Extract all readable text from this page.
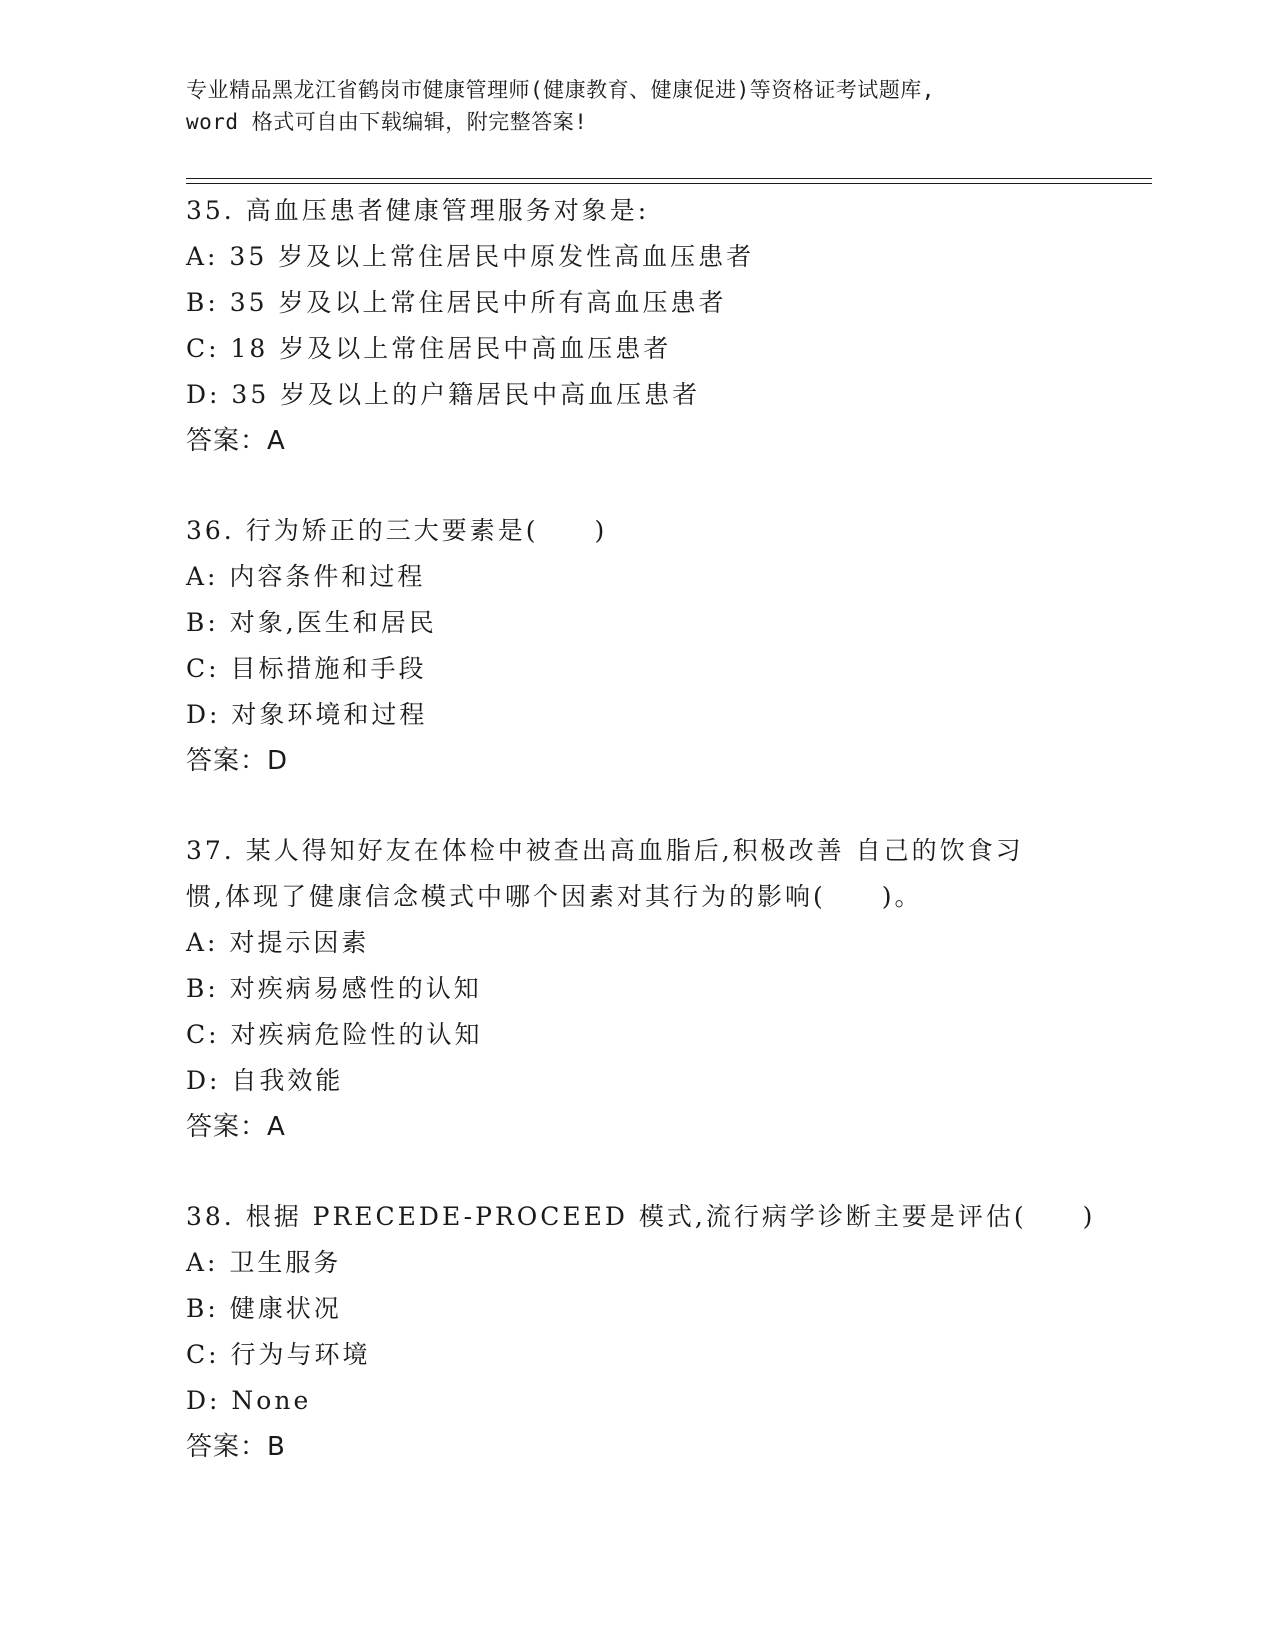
专业精品黑龙江省鹤岗市健康管理师(健康教育、健康促进)等资格证考试题库,
word 格式可自由下载编辑，附完整答案!
35. 高血压患者健康管理服务对象是:
A: 35 岁及以上常住居民中原发性高血压患者
B: 35 岁及以上常住居民中所有高血压患者
C: 18 岁及以上常住居民中高血压患者
D: 35 岁及以上的户籍居民中高血压患者
答案：A
36. 行为矫正的三大要素是(　　)
A: 内容条件和过程
B: 对象,医生和居民
C: 目标措施和手段
D: 对象环境和过程
答案：D
37. 某人得知好友在体检中被查出高血脂后,积极改善 自己的饮食习
惯,体现了健康信念模式中哪个因素对其行为的影响(　　)。
A: 对提示因素
B: 对疾病易感性的认知
C: 对疾病危险性的认知
D: 自我效能
答案：A
38. 根据 PRECEDE-PROCEED 模式,流行病学诊断主要是评估(　　)
A: 卫生服务
B: 健康状况
C: 行为与环境
D: None
答案：B
